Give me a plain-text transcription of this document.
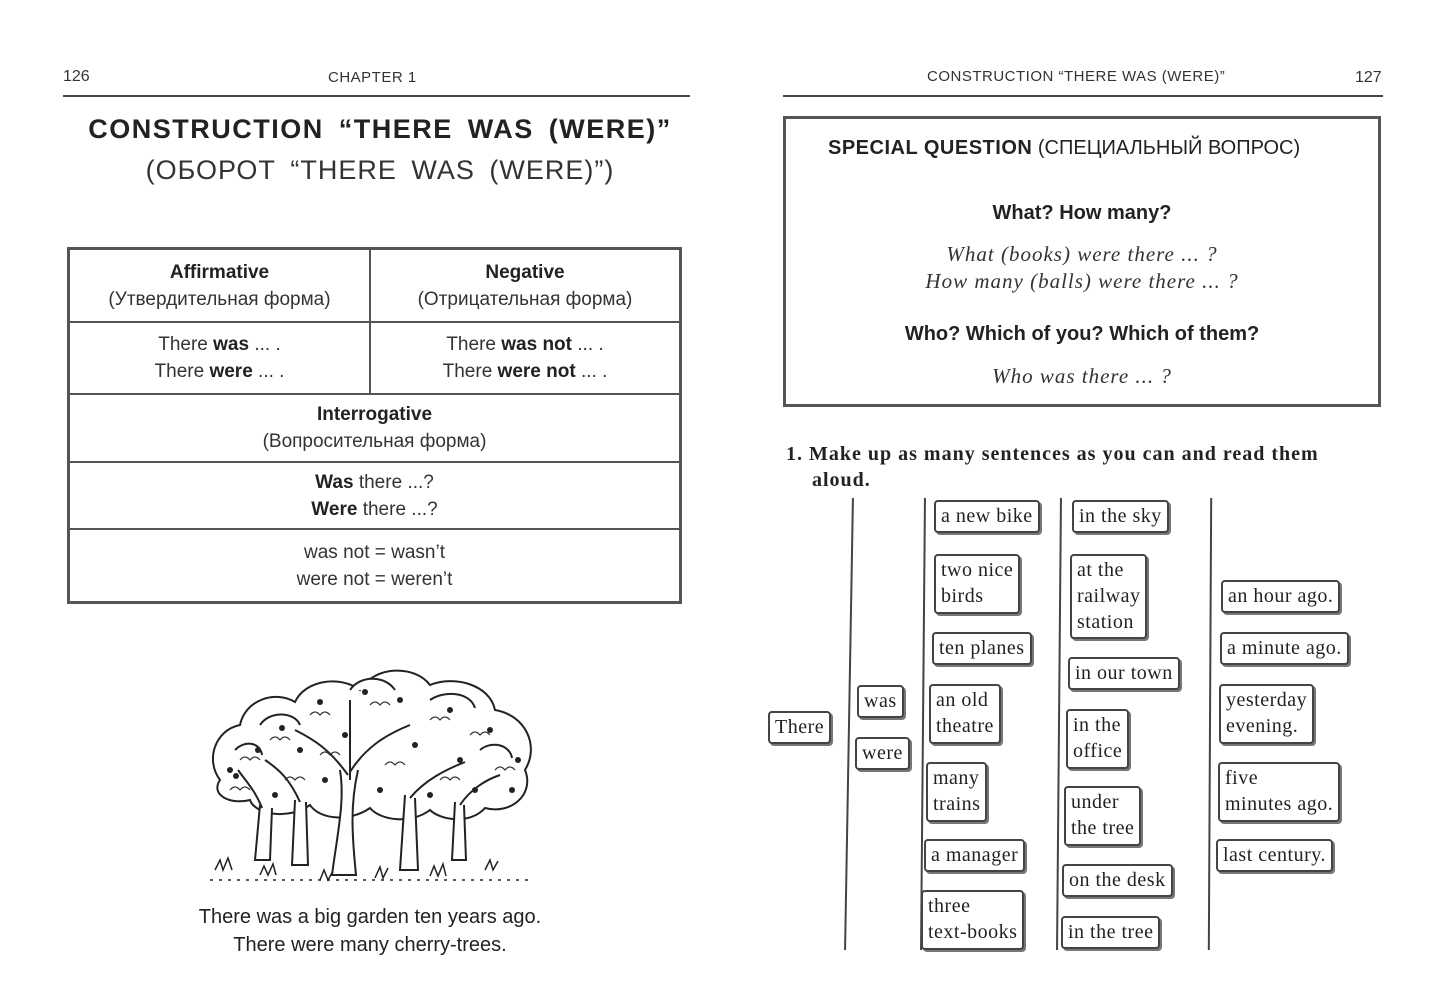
126	CHAPTER 1
CONSTRUCTION “THERE WAS (WERE)”
(ОБОРОТ “THERE WAS (WERE)”)
Affirmative
(Утвердительная форма)
Negative
(Отрицательная форма)
There was ... .
There were ... .
There was not ... .
There were not ... .
Interrogative
(Вопросительная форма)
Was there ...?
Were there ...?
was not = wasn’t
were not = weren’t
There was a big garden ten years ago.
There were many cherry-trees.
CONSTRUCTION “THERE WAS (WERE)”	127
SPECIAL QUESTION (СПЕЦИАЛЬНЫЙ ВОПРОС)
What? How many?
What (books) were there ... ?
How many (balls) were there ... ?
Who? Which of you? Which of them?
Who was there ... ?
1. Make up as many sentences as you can and read them
aloud.
There
was
were
a new bike
two nice
birds
ten planes
an old
theatre
many
trains
a manager
three
text-books
in the sky
at the
railway
station
in our town
in the
office
under
the tree
on the desk
in the tree
an hour ago.
a minute ago.
yesterday
evening.
five
minutes ago.
last century.
